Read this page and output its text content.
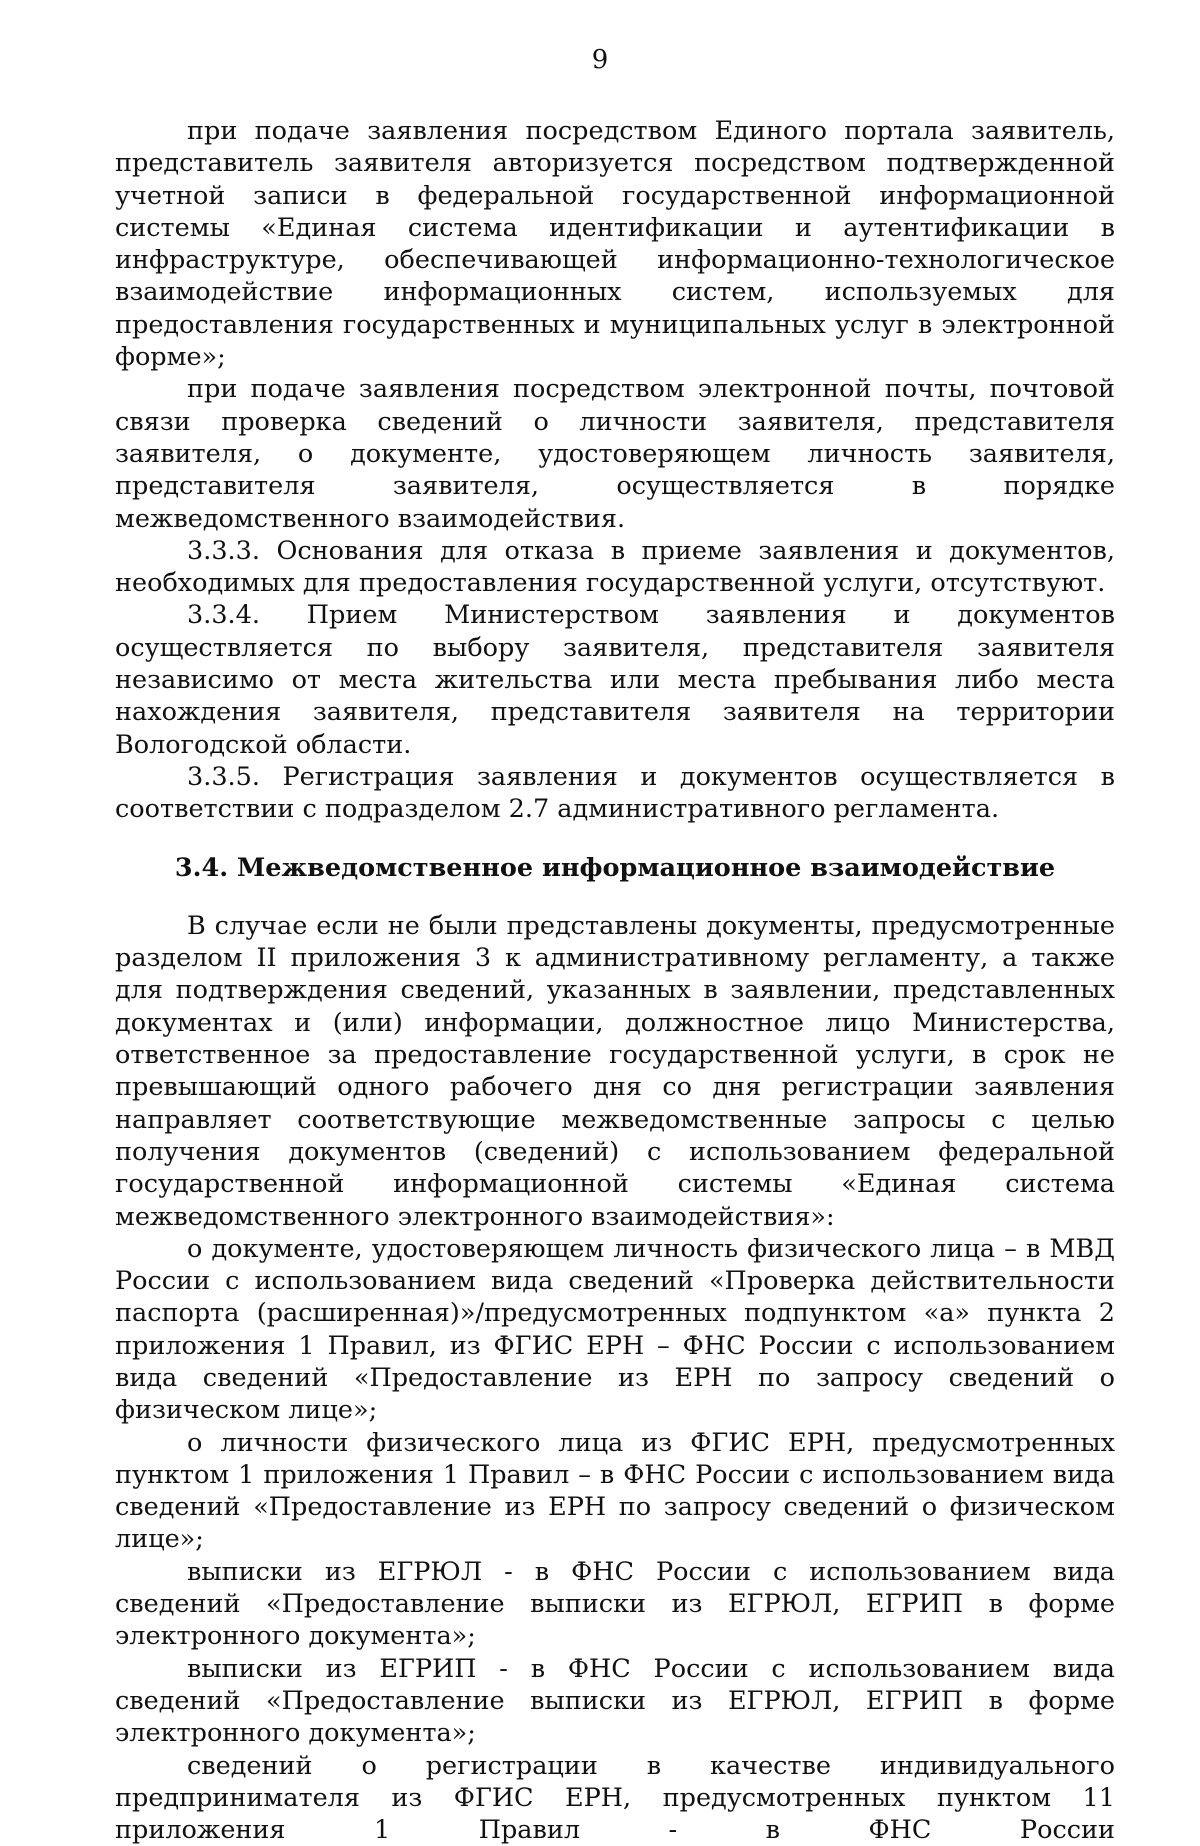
9

при подаче заявления посредством Единого портала заявитель, представитель заявителя авторизуется посредством подтвержденной учетной записи в федеральной государственной информационной системы «Единая система идентификации и аутентификации в инфраструктуре, обеспечивающей информационно-технологическое взаимодействие информационных систем, используемых для предоставления государственных и муниципальных услуг в электронной форме»;

при подаче заявления посредством электронной почты, почтовой связи проверка сведений о личности заявителя, представителя заявителя, о документе, удостоверяющем личность заявителя, представителя заявителя, осуществляется в порядке межведомственного взаимодействия.

3.3.3. Основания для отказа в приеме заявления и документов, необходимых для предоставления государственной услуги, отсутствуют.

3.3.4. Прием Министерством заявления и документов осуществляется по выбору заявителя, представителя заявителя независимо от места жительства или места пребывания либо места нахождения заявителя, представителя заявителя на территории Вологодской области.

3.3.5. Регистрация заявления и документов осуществляется в соответствии с подразделом 2.7 административного регламента.

3.4. Межведомственное информационное взаимодействие

В случае если не были представлены документы, предусмотренные разделом II приложения 3 к административному регламенту, а также для подтверждения сведений, указанных в заявлении, представленных документах и (или) информации, должностное лицо Министерства, ответственное за предоставление государственной услуги, в срок не превышающий одного рабочего дня со дня регистрации заявления направляет соответствующие межведомственные запросы с целью получения документов (сведений) с использованием федеральной государственной информационной системы «Единая система межведомственного электронного взаимодействия»:

о документе, удостоверяющем личность физического лица – в МВД России с использованием вида сведений «Проверка действительности паспорта (расширенная)»/предусмотренных подпунктом «а» пункта 2 приложения 1 Правил, из ФГИС ЕРН – ФНС России с использованием вида сведений «Предоставление из ЕРН по запросу сведений о физическом лице»;

о личности физического лица из ФГИС ЕРН, предусмотренных пунктом 1 приложения 1 Правил – в ФНС России с использованием вида сведений «Предоставление из ЕРН по запросу сведений о физическом лице»;

выписки из ЕГРЮЛ - в ФНС России с использованием вида сведений «Предоставление выписки из ЕГРЮЛ, ЕГРИП в форме электронного документа»;

выписки из ЕГРИП - в ФНС России с использованием вида сведений «Предоставление выписки из ЕГРЮЛ, ЕГРИП в форме электронного документа»;

сведений о регистрации в качестве индивидуального предпринимателя из ФГИС ЕРН, предусмотренных пунктом 11 приложения 1 Правил - в ФНС России
